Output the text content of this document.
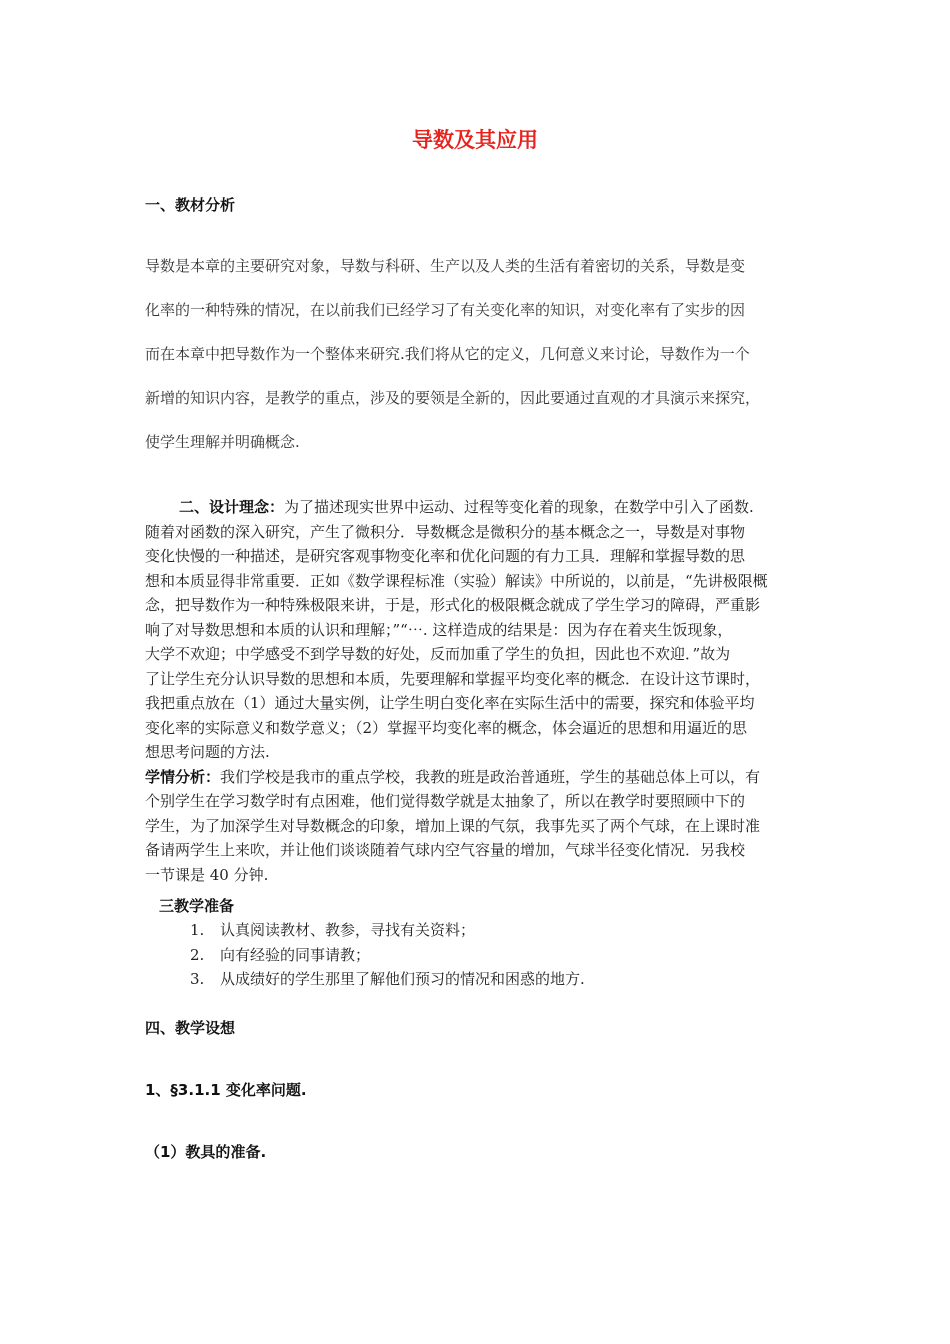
导数及其应用
一、教材分析
导数是本章的主要研究对象，导数与科研、生产以及人类的生活有着密切的关系，导数是变
化率的一种特殊的情况，在以前我们已经学习了有关变化率的知识，对变化率有了实步的因
而在本章中把导数作为一个整体来研究.我们将从它的定义，几何意义来讨论，导数作为一个
新增的知识内容，是教学的重点，涉及的要领是全新的，因此要通过直观的才具演示来探究，
使学生理解并明确概念.
二、设计理念：为了描述现实世界中运动、过程等变化着的现象，在数学中引入了函数.
随着对函数的深入研究，产生了微积分．导数概念是微积分的基本概念之一，导数是对事物
变化快慢的一种描述，是研究客观事物变化率和优化问题的有力工具．理解和掌握导数的思
想和本质显得非常重要．正如《数学课程标准（实验）解读》中所说的，以前是，“先讲极限概
念，把导数作为一种特殊极限来讲，于是，形式化的极限概念就成了学生学习的障碍，严重影
响了对导数思想和本质的认识和理解；”“⋯. 这样造成的结果是：因为存在着夹生饭现象，
大学不欢迎；中学感受不到学导数的好处，反而加重了学生的负担，因此也不欢迎．”故为
了让学生充分认识导数的思想和本质，先要理解和掌握平均变化率的概念．在设计这节课时，
我把重点放在（1）通过大量实例，让学生明白变化率在实际生活中的需要，探究和体验平均
变化率的实际意义和数学意义；（2）掌握平均变化率的概念，体会逼近的思想和用逼近的思
想思考问题的方法.
学情分析：我们学校是我市的重点学校，我教的班是政治普通班，学生的基础总体上可以，有
个别学生在学习数学时有点困难，他们觉得数学就是太抽象了，所以在教学时要照顾中下的
学生，为了加深学生对导数概念的印象，增加上课的气氛，我事先买了两个气球，在上课时准
备请两学生上来吹，并让他们谈谈随着气球内空气容量的增加，气球半径变化情况．另我校
一节课是 40 分钟.
三教学准备
1. 认真阅读教材、教参，寻找有关资料；
2. 向有经验的同事请教；
3. 从成绩好的学生那里了解他们预习的情况和困惑的地方.
四、教学设想
1、§3.1.1 变化率问题.
（1）教具的准备.
